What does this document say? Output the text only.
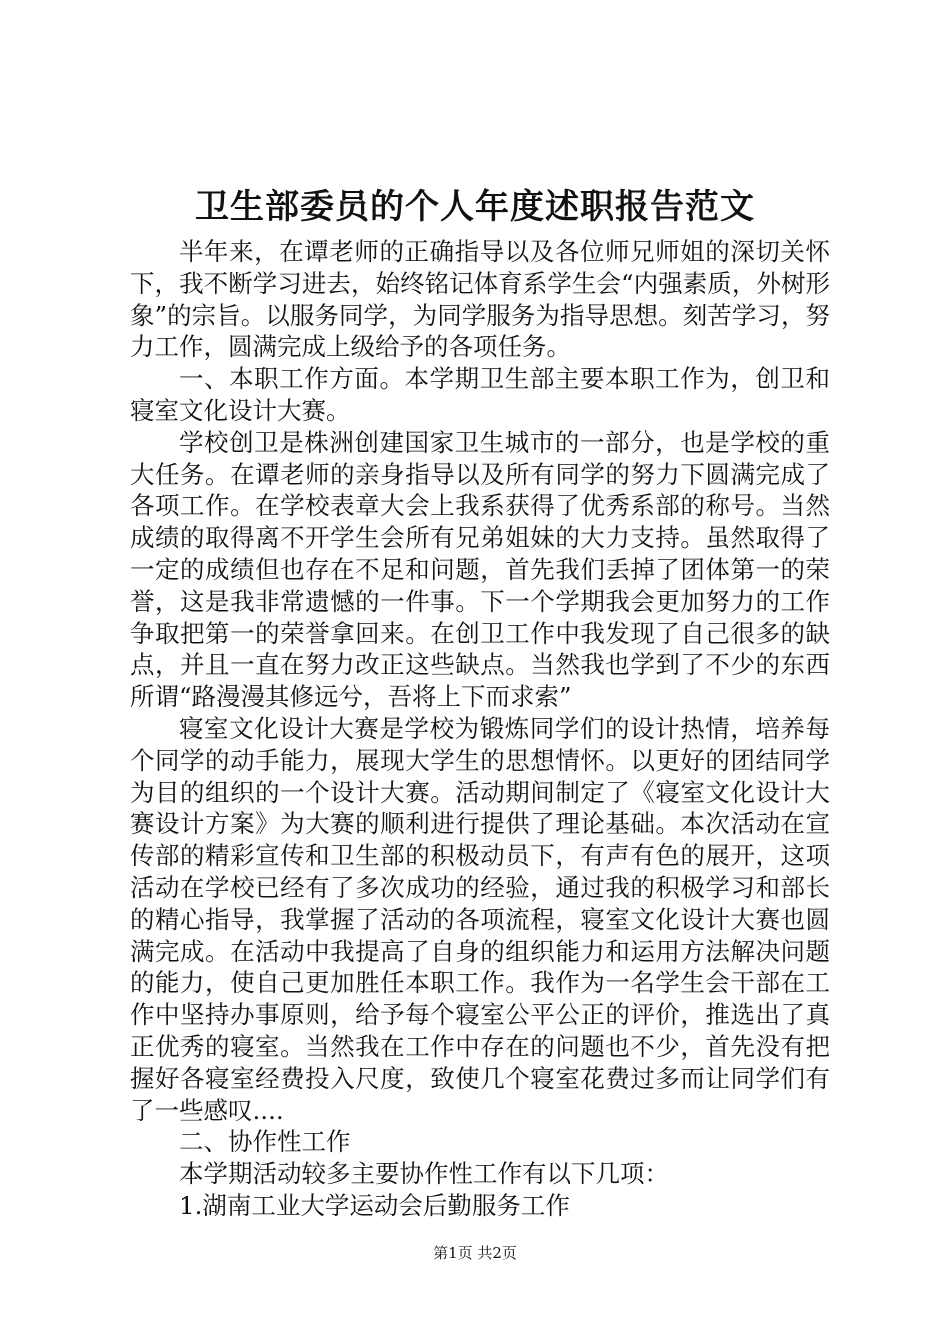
卫生部委员的个人年度述职报告范文

半年来，在谭老师的正确指导以及各位师兄师姐的深切关怀下，我不断学习进去，始终铭记体育系学生会“内强素质，外树形象”的宗旨。以服务同学，为同学服务为指导思想。刻苦学习，努力工作，圆满完成上级给予的各项任务。

一、本职工作方面。本学期卫生部主要本职工作为，创卫和寝室文化设计大赛。

学校创卫是株洲创建国家卫生城市的一部分，也是学校的重大任务。在谭老师的亲身指导以及所有同学的努力下圆满完成了各项工作。在学校表章大会上我系获得了优秀系部的称号。当然成绩的取得离不开学生会所有兄弟姐妹的大力支持。虽然取得了一定的成绩但也存在不足和问题，首先我们丢掉了团体第一的荣誉，这是我非常遗憾的一件事。下一个学期我会更加努力的工作争取把第一的荣誉拿回来。在创卫工作中我发现了自己很多的缺点，并且一直在努力改正这些缺点。当然我也学到了不少的东西所谓“路漫漫其修远兮，吾将上下而求索”

寝室文化设计大赛是学校为锻炼同学们的设计热情，培养每个同学的动手能力，展现大学生的思想情怀。以更好的团结同学为目的组织的一个设计大赛。活动期间制定了《寝室文化设计大赛设计方案》为大赛的顺利进行提供了理论基础。本次活动在宣传部的精彩宣传和卫生部的积极动员下，有声有色的展开，这项活动在学校已经有了多次成功的经验，通过我的积极学习和部长的精心指导，我掌握了活动的各项流程，寝室文化设计大赛也圆满完成。在活动中我提高了自身的组织能力和运用方法解决问题的能力，使自己更加胜任本职工作。我作为一名学生会干部在工作中坚持办事原则，给予每个寝室公平公正的评价，推选出了真正优秀的寝室。当然我在工作中存在的问题也不少，首先没有把握好各寝室经费投入尺度，致使几个寝室花费过多而让同学们有了一些感叹....

二、协作性工作

本学期活动较多主要协作性工作有以下几项：

1.湖南工业大学运动会后勤服务工作

第1页 共2页
